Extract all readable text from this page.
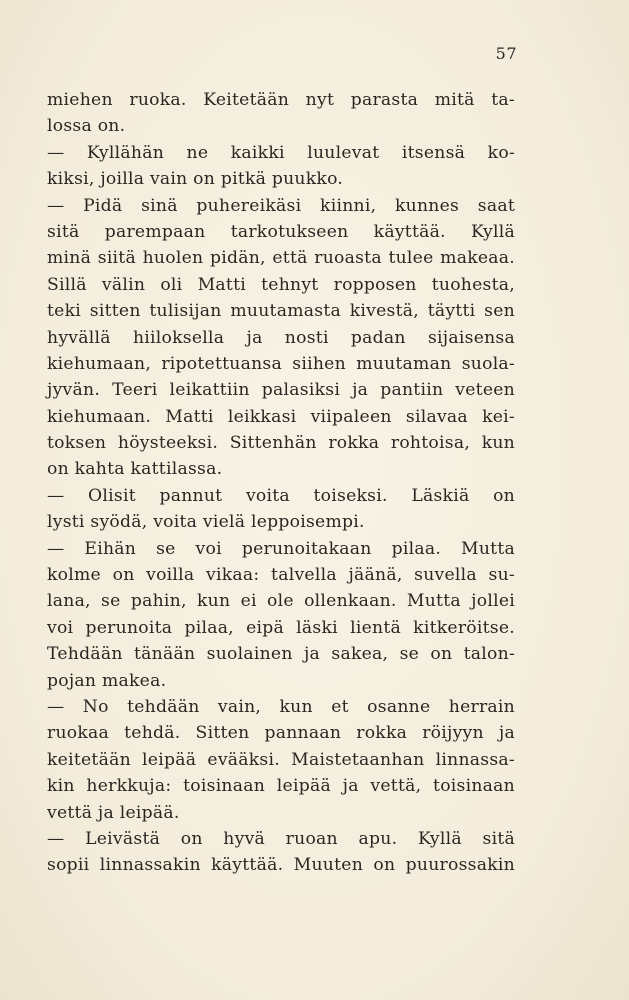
57
miehen ruoka. Keitetään nyt parasta mitä ta-
lossa on.
— Kyllähän ne kaikki luulevat itsensä ko-
kiksi, joilla vain on pitkä puukko.
— Pidä sinä puhereikäsi kiinni, kunnes saat
sitä parempaan tarkotukseen käyttää. Kyllä
minä siitä huolen pidän, että ruoasta tulee makeaa.
Sillä välin oli Matti tehnyt ropposen tuohesta,
teki sitten tulisijan muutamasta kivestä, täytti sen
hyvällä hiiloksella ja nosti padan sijaisensa
kiehumaan, ripotettuansa siihen muutaman suola-
jyvän. Teeri leikattiin palasiksi ja pantiin veteen
kiehumaan. Matti leikkasi viipaleen silavaa kei-
toksen höysteeksi. Sittenhän rokka rohtoisa, kun
on kahta kattilassa.
— Olisit pannut voita toiseksi. Läskiä on
lysti syödä, voita vielä leppoisempi.
— Eihän se voi perunoitakaan pilaa. Mutta
kolme on voilla vikaa: talvella jäänä, suvella su-
lana, se pahin, kun ei ole ollenkaan. Mutta jollei
voi perunoita pilaa, eipä läski lientä kitkeröitse.
Tehdään tänään suolainen ja sakea, se on talon-
pojan makea.
— No tehdään vain, kun et osanne herrain
ruokaa tehdä. Sitten pannaan rokka röijyyn ja
keitetään leipää evääksi. Maistetaanhan linnassa-
kin herkkuja: toisinaan leipää ja vettä, toisinaan
vettä ja leipää.
— Leivästä on hyvä ruoan apu. Kyllä sitä
sopii linnassakin käyttää. Muuten on puurossakin
